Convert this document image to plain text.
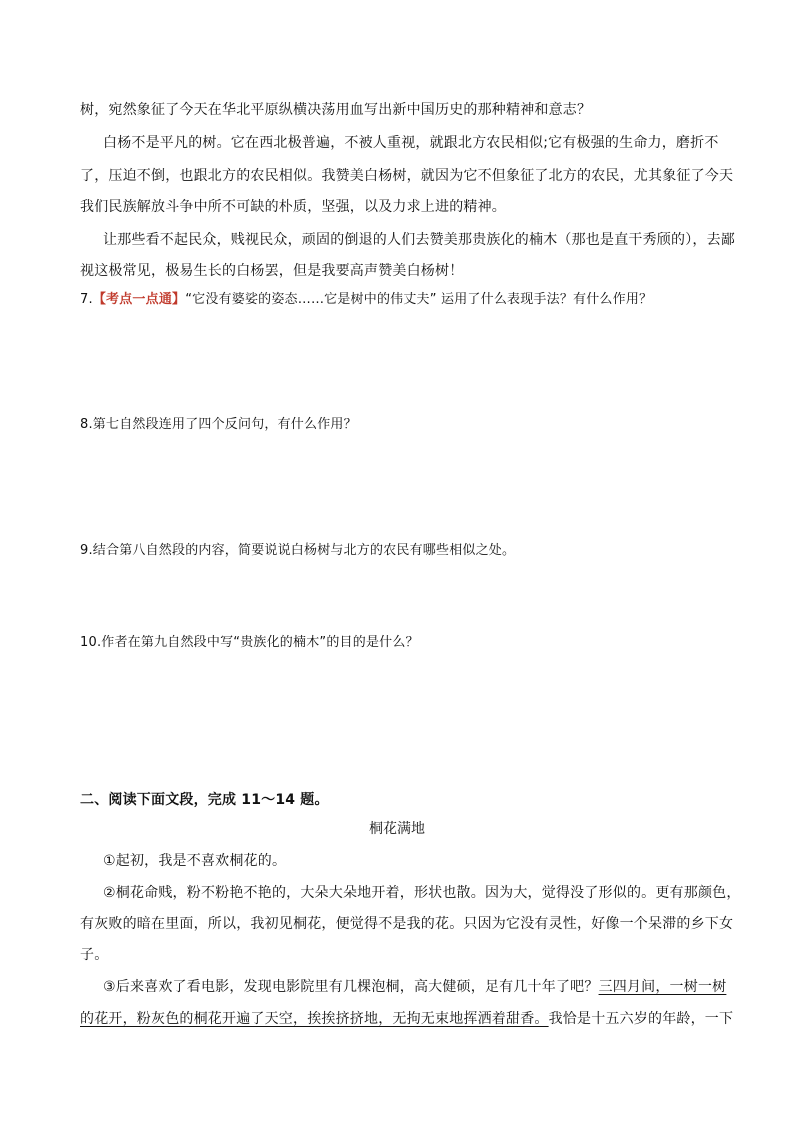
树，宛然象征了今天在华北平原纵横决荡用血写出新中国历史的那种精神和意志？
白杨不是平凡的树。它在西北极普遍，不被人重视，就跟北方农民相似;它有极强的生命力，磨折不
了，压迫不倒，也跟北方的农民相似。我赞美白杨树，就因为它不但象征了北方的农民，尤其象征了今天
我们民族解放斗争中所不可缺的朴质，坚强，以及力求上进的精神。
让那些看不起民众，贱视民众，顽固的倒退的人们去赞美那贵族化的楠木（那也是直干秀颀的），去鄙
视这极常见，极易生长的白杨罢，但是我要高声赞美白杨树！
7.【考点一点通】“它没有婆娑的姿态……它是树中的伟丈夫” 运用了什么表现手法？有什么作用？
8.第七自然段连用了四个反问句，有什么作用？
9.结合第八自然段的内容，简要说说白杨树与北方的农民有哪些相似之处。
10.作者在第九自然段中写“贵族化的楠木”的目的是什么？
二、阅读下面文段，完成 11～14 题。
桐花满地
①起初，我是不喜欢桐花的。
②桐花命贱，粉不粉艳不艳的，大朵大朵地开着，形状也散。因为大，觉得没了形似的。更有那颜色，
有灰败的暗在里面，所以，我初见桐花，便觉得不是我的花。只因为它没有灵性，好像一个呆滞的乡下女
子。
③后来喜欢了看电影，发现电影院里有几棵泡桐，高大健硕，足有几十年了吧？三四月间，一树一树
的花开，粉灰色的桐花开遍了天空，挨挨挤挤地，无拘无束地挥洒着甜香。我恰是十五六岁的年龄，一下
